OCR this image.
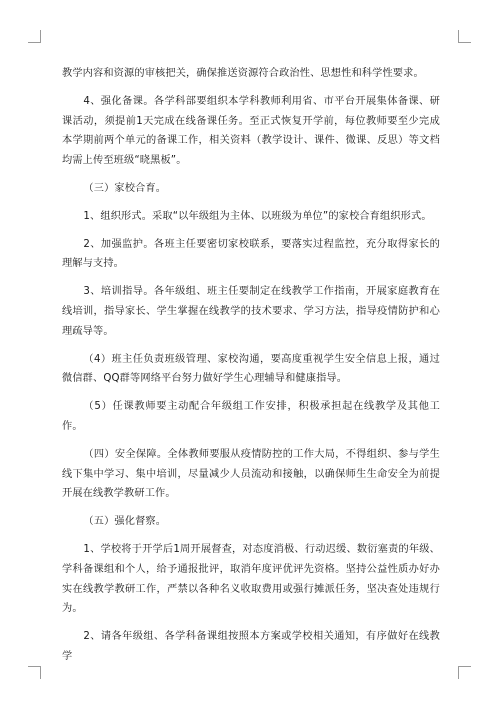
教学内容和资源的审核把关，确保推送资源符合政治性、思想性和科学性要求。

4、强化备课。各学科部要组织本学科教师利用省、市平台开展集体备课、研课活动，须提前1天完成在线备课任务。至正式恢复开学前，每位教师要至少完成本学期前两个单元的备课工作，相关资料（教学设计、课件、微课、反思）等文档均需上传至班级“晓黑板”。

（三）家校合育。

1、组织形式。采取“以年级组为主体、以班级为单位”的家校合育组织形式。

2、加强监护。各班主任要密切家校联系，要落实过程监控，充分取得家长的理解与支持。

3、培训指导。各年级组、班主任要制定在线教学工作指南，开展家庭教育在线培训，指导家长、学生掌握在线教学的技术要求、学习方法，指导疫情防护和心理疏导等。

（4）班主任负责班级管理、家校沟通，要高度重视学生安全信息上报，通过微信群、QQ群等网络平台努力做好学生心理辅导和健康指导。

（5）任课教师要主动配合年级组工作安排，积极承担起在线教学及其他工作。

（四）安全保障。全体教师要服从疫情防控的工作大局，不得组织、参与学生线下集中学习、集中培训，尽量减少人员流动和接触，以确保师生生命安全为前提开展在线教学教研工作。

（五）强化督察。

1、学校将于开学后1周开展督查，对态度消极、行动迟缓、数衍塞责的年级、学科备课组和个人，给予通报批评，取消年度评优评先资格。坚持公益性质办好办实在线教学教研工作，严禁以各种名义收取费用或强行摊派任务，坚决查处违规行为。

2、请各年级组、各学科备课组按照本方案或学校相关通知，有序做好在线教学
